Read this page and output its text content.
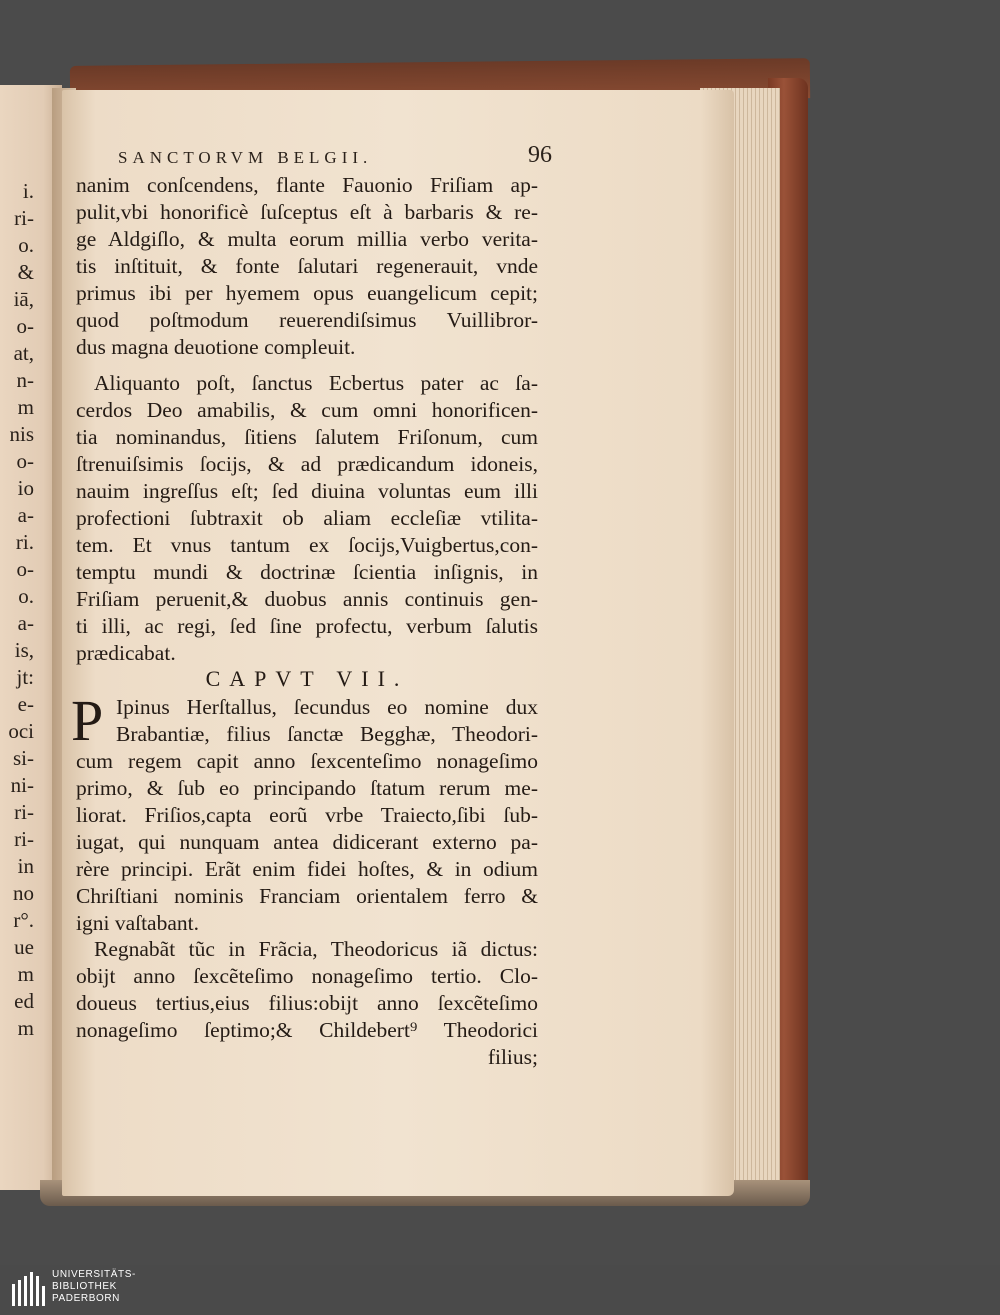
i.
ri-
o.
&
iā,
o-
at,
n-
m
nis
o-
io
a-
ri.
o-
o.
a-
is,
jt:
e-
oci
si-
ni-
ri-
ri-
in
no
r°.
ue
m
ed
m
SANCTORVM BELGII.	96
nanim conſcendens, flante Fauonio Friſiam ap-
pulit,vbi honorificè ſuſceptus eſt à barbaris & re-
ge Aldgiſlo, & multa eorum millia verbo verita-
tis inſtituit, & fonte ſalutari regenerauit, vnde
primus ibi per hyemem opus euangelicum cepit;
quod poſtmodum reuerendiſsimus Vuillibror-
dus magna deuotione compleuit.
Aliquanto poſt, ſanctus Ecbertus pater ac ſa-
cerdos Deo amabilis, & cum omni honorificen-
tia nominandus, ſitiens ſalutem Friſonum, cum
ſtrenuiſsimis ſocijs, & ad prædicandum idoneis,
nauim ingreſſus eſt; ſed diuina voluntas eum illi
profectioni ſubtraxit ob aliam eccleſiæ vtilita-
tem. Et vnus tantum ex ſocijs,Vuigbertus,con-
temptu mundi & doctrinæ ſcientia inſignis, in
Friſiam peruenit,& duobus annis continuis gen-
ti illi, ac regi, ſed ſine profectu, verbum ſalutis
prædicabat.
Ipinus Herſtallus, ſecundus eo nomine dux
Brabantiæ, filius ſanctæ Begghæ, Theodori-
cum regem capit anno ſexcenteſimo nonageſimo
primo, & ſub eo principando ſtatum rerum me-
liorat. Friſios,capta eorũ vrbe Traiecto,ſibi ſub-
iugat, qui nunquam antea didicerant externo pa-
rère principi. Erãt enim fidei hoſtes, & in odium
Chriſtiani nominis Franciam orientalem ferro &
igni vaſtabant.
Regnabãt tũc in Frãcia, Theodoricus iã dictus:
obijt anno ſexcẽteſimo nonageſimo tertio. Clo-
doueus tertius,eius filius:obijt anno ſexcẽteſimo
nonageſimo ſeptimo;& Childebert⁹ Theodorici
filius;
CAPVT VII.
P
UNIVERSITÄTS-
BIBLIOTHEK
PADERBORN
